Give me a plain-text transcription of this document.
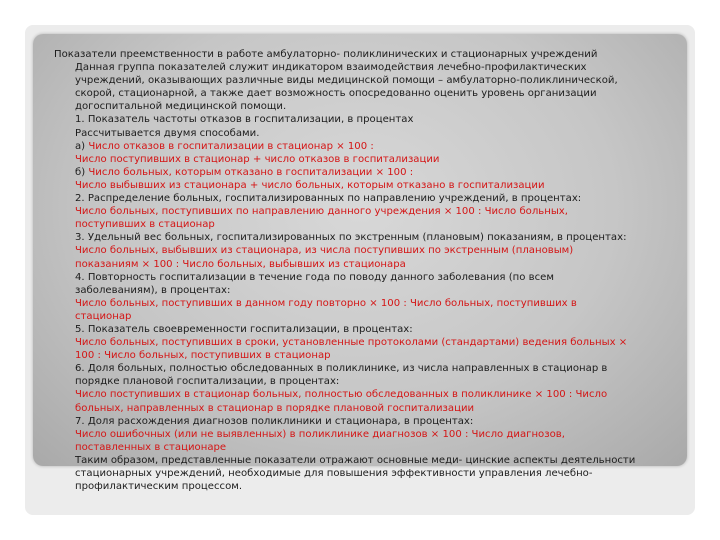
Показатели преемственности в работе амбулаторно- поликлинических и стационарных учреждений
Данная группа показателей служит индикатором взаимодействия лечебно-профилактических
учреждений, оказывающих различные виды медицинской помощи – амбулаторно-поликлинической,
скорой, стационарной, а также дает возможность опосредованно оценить уровень организации
догоспитальной медицинской помощи.
1. Показатель частоты отказов в госпитализации, в процентах
Рассчитывается двумя способами.
а) Число отказов в госпитализации в стационар × 100 :
Число поступивших в стационар + число отказов в госпитализации
б) Число больных, которым отказано в госпитализации × 100 :
Число выбывших из стационара + число больных, которым отказано в госпитализации
2. Распределение больных, госпитализированных по направлению учреждений, в процентах:
Число больных, поступивших по направлению данного учреждения × 100 : Число больных,
поступивших в стационар
3. Удельный вес больных, госпитализированных по экстренным (плановым) показаниям, в процентах:
Число больных, выбывших из стационара, из числа поступивших по экстренным (плановым)
показаниям × 100 : Число больных, выбывших из стационара
4. Повторность госпитализации в течение года по поводу данного заболевания (по всем
заболеваниям), в процентах:
Число больных, поступивших в данном году повторно × 100 : Число больных, поступивших в
стационар
5. Показатель своевременности госпитализации, в процентах:
Число больных, поступивших в сроки, установленные протоколами (стандартами) ведения больных ×
100 : Число больных, поступивших в стационар
6. Доля больных, полностью обследованных в поликлинике, из числа направленных в стационар в
порядке плановой госпитализации, в процентах:
Число поступивших в стационар больных, полностью обследованных в поликлинике × 100 : Число
больных, направленных в стационар в порядке плановой госпитализации
7. Доля расхождения диагнозов поликлиники и стационара, в процентах:
Число ошибочных (или не выявленных) в поликлинике диагнозов × 100 : Число диагнозов,
поставленных в стационаре
Таким образом, представленные показатели отражают основные меди- цинские аспекты деятельности
стационарных учреждений, необходимые для повышения эффективности управления лечебно-
профилактическим процессом.
